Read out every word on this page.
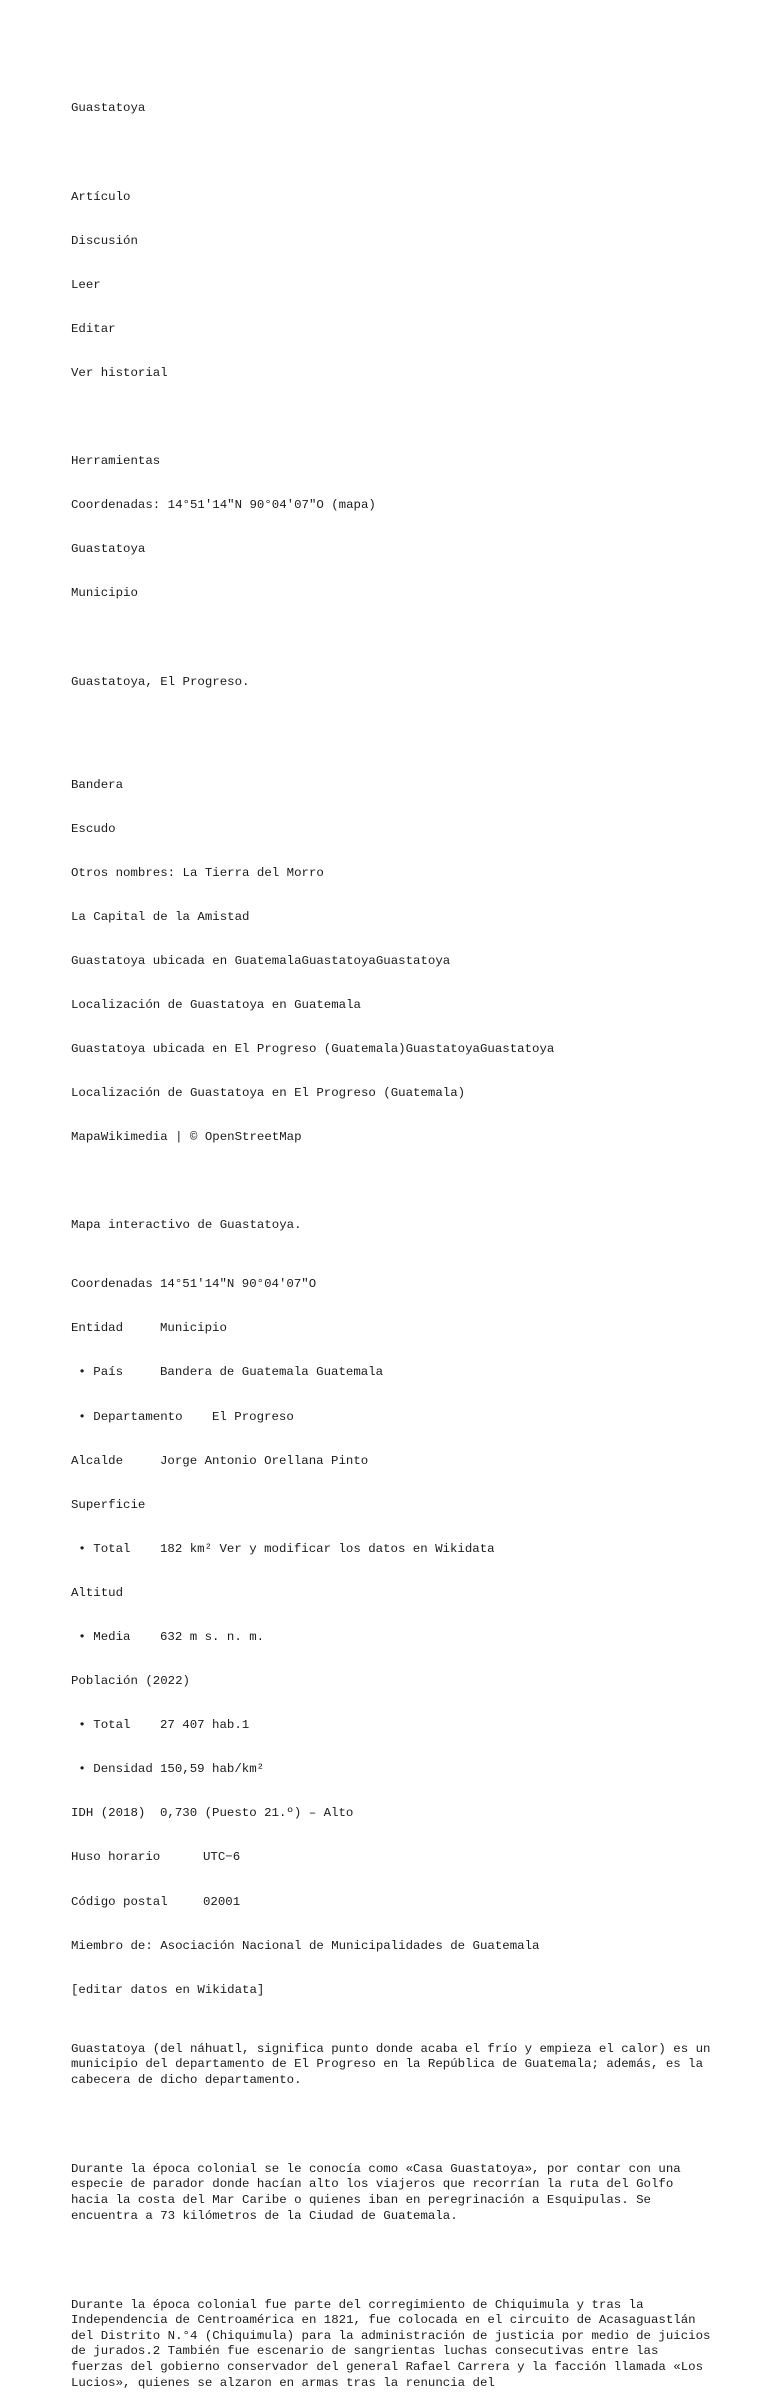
Guastatoya

Artículo

Discusión

Leer

Editar

Ver historial

Herramientas

Coordenadas: 14°51′14″N 90°04′07″O (mapa)

Guastatoya

Municipio

Guastatoya, El Progreso.

Bandera

Escudo

Otros nombres: La Tierra del Morro

La Capital de la Amistad

Guastatoya ubicada en GuatemalaGuastatoyaGuastatoya

Localización de Guastatoya en Guatemala

Guastatoya ubicada en El Progreso (Guatemala)GuastatoyaGuastatoya

Localización de Guastatoya en El Progreso (Guatemala)

MapaWikimedia | © OpenStreetMap

Mapa interactivo de Guastatoya.

Coordenadas 14°51′14″N 90°04′07″O

Entidad	Municipio

• País	Bandera de Guatemala Guatemala

• Departamento El Progreso

Alcalde	Jorge Antonio Orellana Pinto

Superficie

• Total 182 km² Ver y modificar los datos en Wikidata

Altitud

• Media 632 m s. n. m.

Población (2022)

• Total 27 407 hab.1

• Densidad 150,59 hab/km²

IDH (2018) 0,730 (Puesto 21.º) – Alto

Huso horario	UTC−6

Código postal	02001

Miembro de: Asociación Nacional de Municipalidades de Guatemala

[editar datos en Wikidata]

Guastatoya (del náhuatl, significa punto donde acaba el frío y empieza el calor) es un municipio del departamento de El Progreso en la República de Guatemala; además, es la cabecera de dicho departamento.

Durante la época colonial se le conocía como «Casa Guastatoya», por contar con una especie de parador donde hacían alto los viajeros que recorrían la ruta del Golfo hacia la costa del Mar Caribe o quienes iban en peregrinación a Esquipulas. Se encuentra a 73 kilómetros de la Ciudad de Guatemala.

Durante la época colonial fue parte del corregimiento de Chiquimula y tras la Independencia de Centroamérica en 1821, fue colocada en el circuito de Acasaguastlán del Distrito N.°4 (Chiquimula) para la administración de justicia por medio de juicios de jurados.2 También fue escenario de sangrientas luchas consecutivas entre las fuerzas del gobierno conservador del general Rafael Carrera y la facción llamada «Los Lucios», quienes se alzaron en armas tras la renuncia del
